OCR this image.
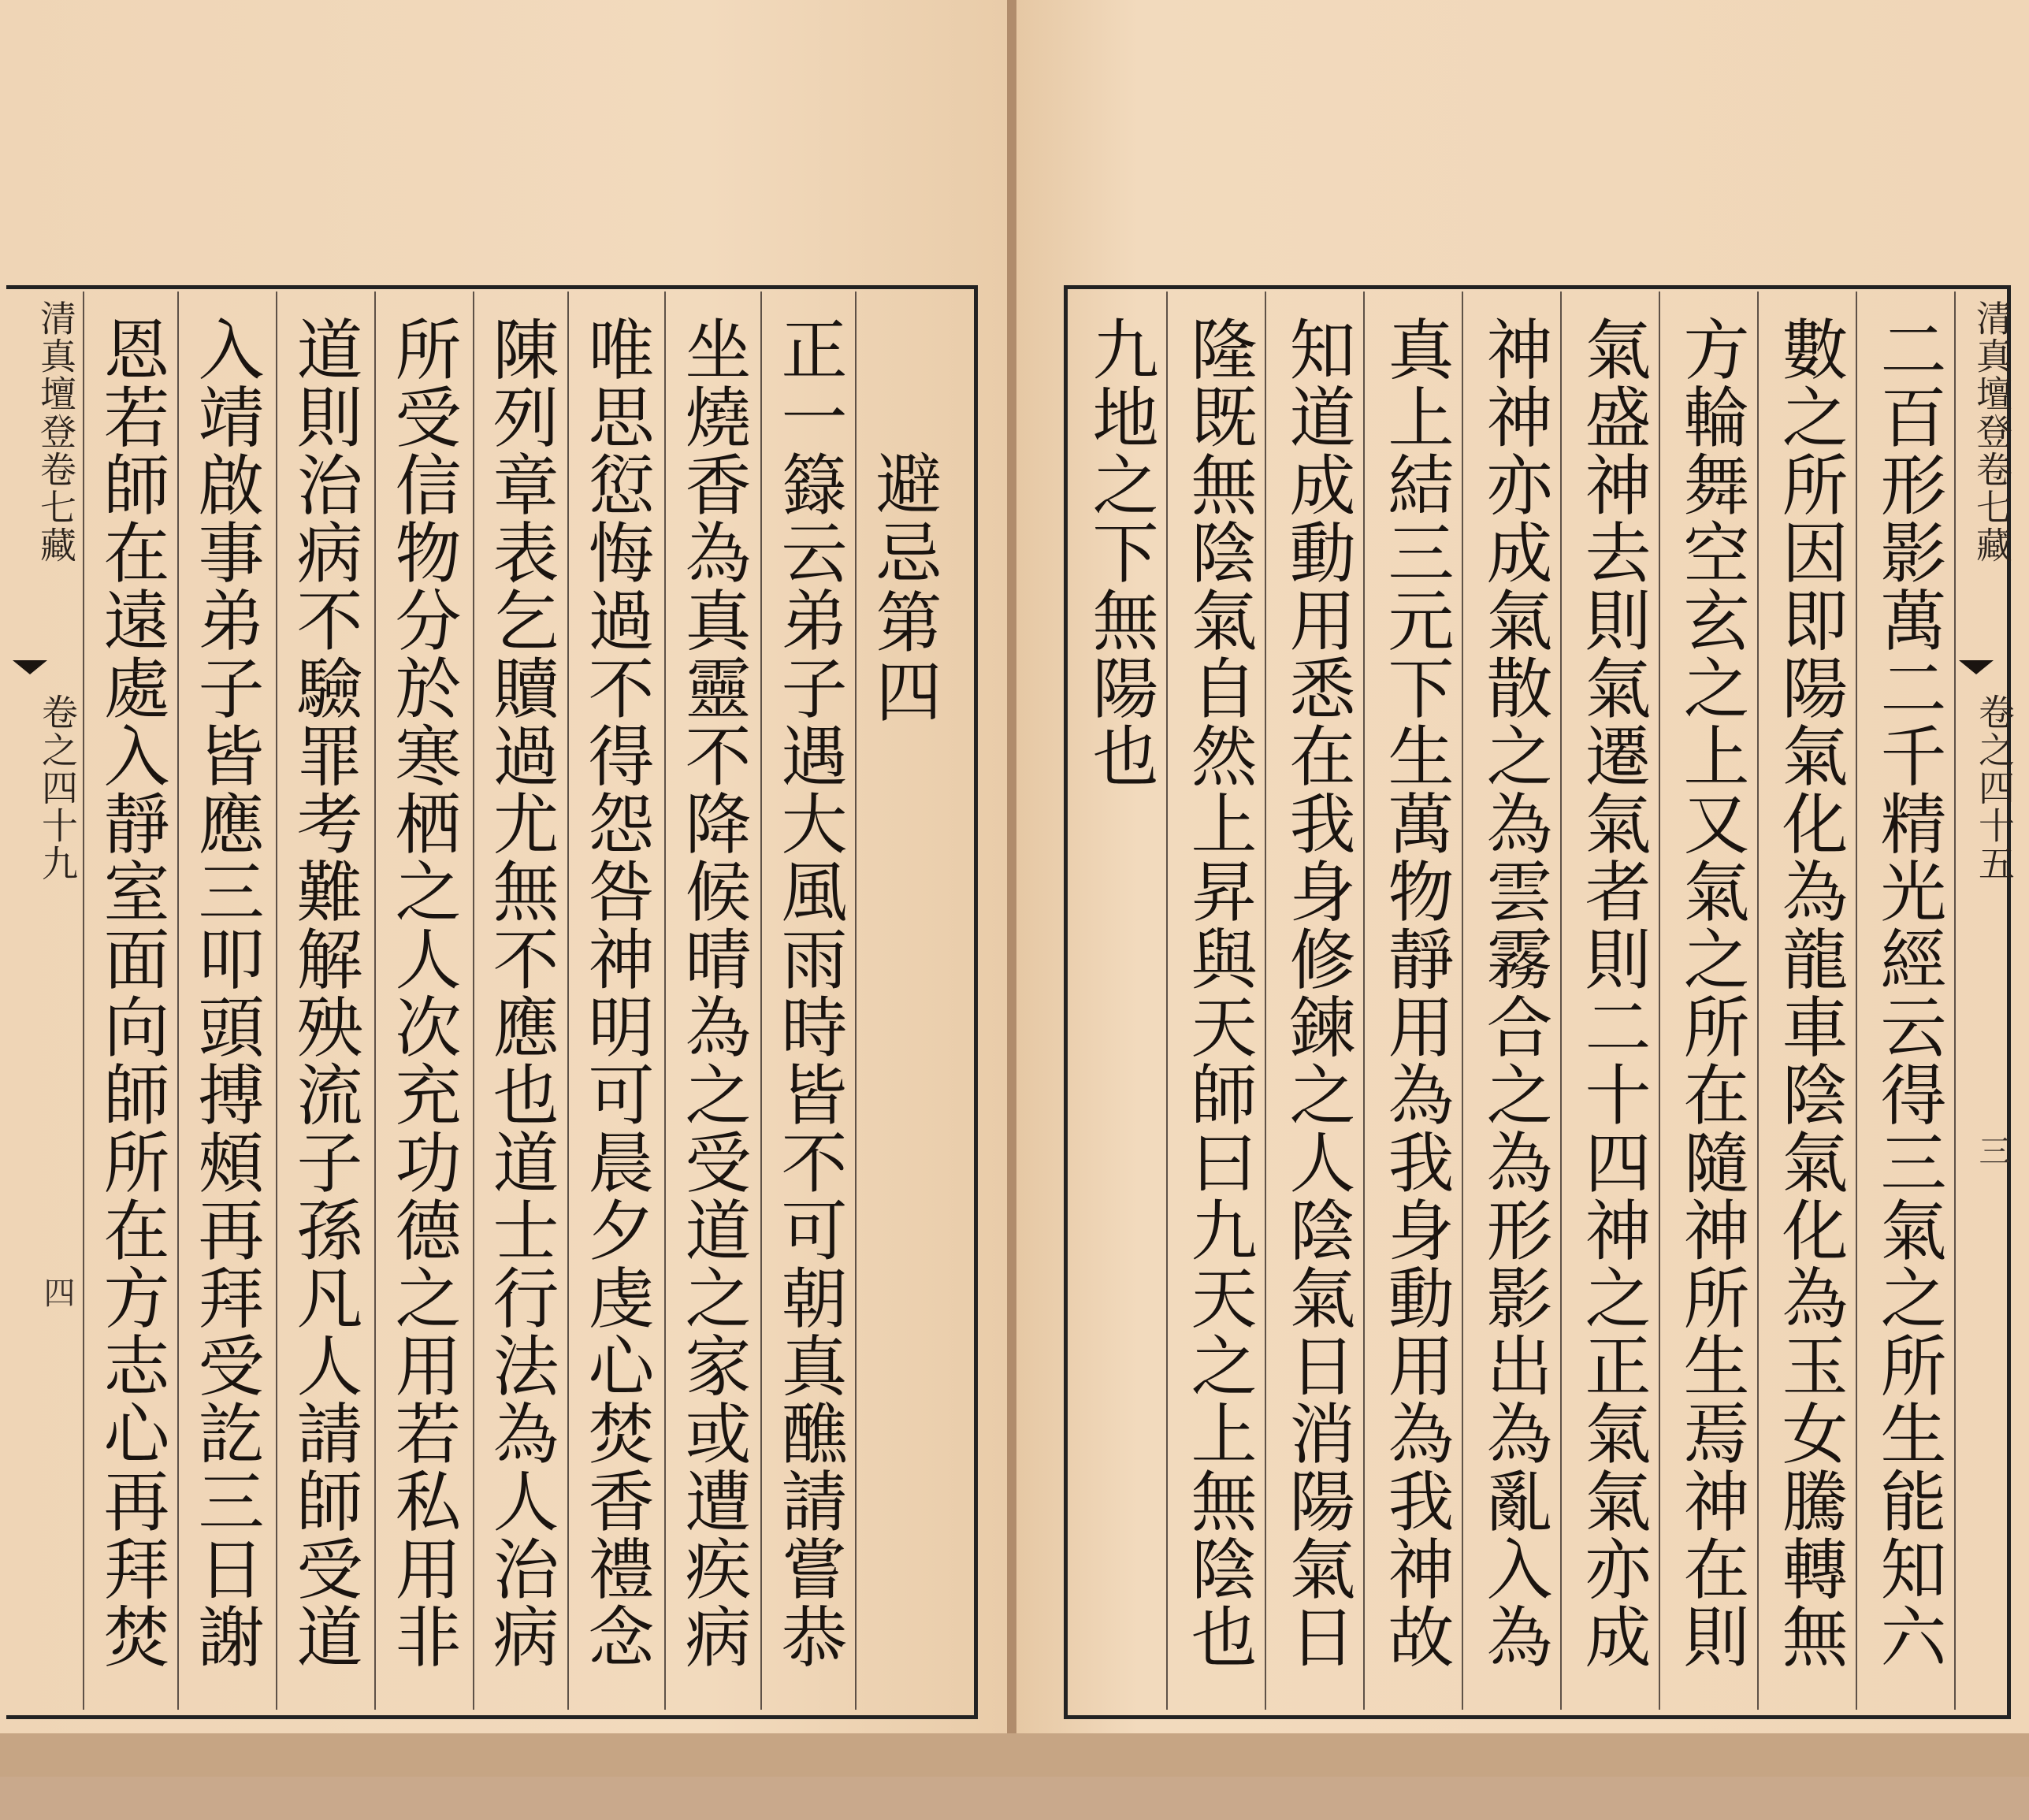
清真壇登卷七藏
卷之四十九
四 恩若師在遠處入靜室面向師所在方志心再拜焚 入靖啟事弟子皆應三叩頭搏頰再拜受訖三日謝 道則治病不驗罪考難解殃流子孫凡人請師受道 所受信物分於寒栖之人次充功德之用若私用非 陳列章表乞贖過尤無不應也道士行法為人治病 唯思愆悔過不得怨咎神明可晨夕虔心焚香禮念 坐燒香為真靈不降候晴為之受道之家或遭疾病 正一籙云弟子遇大風雨時皆不可朝真醮請嘗恭 避忌第四
清真壇登卷七藏
卷之四十五
三
二百形影萬二千精光經云得三氣之所生能知六
數之所因即陽氣化為龍車陰氣化為玉女騰轉無
方輪舞空玄之上又氣之所在隨神所生焉神在則
氣盛神去則氣遷氣者則二十四神之正氣氣亦成
神神亦成氣散之為雲霧合之為形影出為亂入為
真上結三元下生萬物靜用為我身動用為我神故
知道成動用悉在我身修鍊之人陰氣日消陽氣日
隆既無陰氣自然上昇與天師曰九天之上無陰也
九地之下無陽也
